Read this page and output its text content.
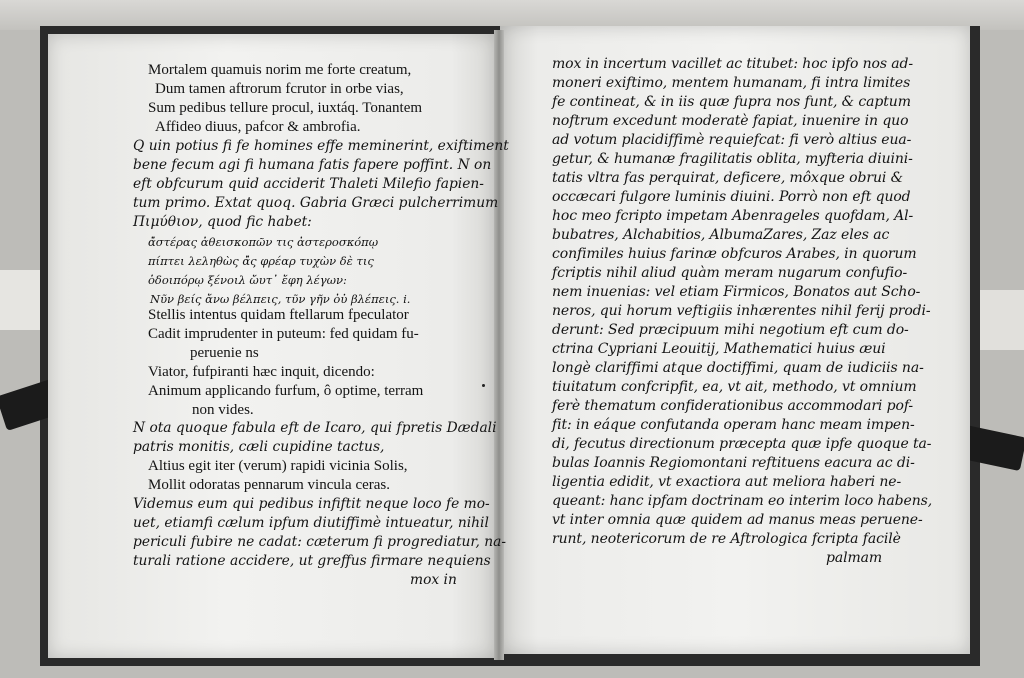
Mortalem quamuis norim me forte creatum,
Dum tamen aftrorum fcrutor in orbe vias,
Sum pedibus tellure procul, iuxtáq. Tonantem
Affideo diuus, pafcor & ambrofia.
Q uin potius fi fe homines effe meminerint, exiftiment
bene fecum agi fi humana fatis fapere poffint. N on
eft obfcurum quid acciderit Thaleti Milefio fapien-
tum primo. Extat quoq. Gabria Græci pulcherrimum
Πιμύθιον, quod fic habet:
ἀ̓στέρας ἀθεισκοπῶν τις ἀστεροσκόπῳ
πίπτει λεληθὼς ἀ̓ς φρέαρ τυχὼν δὲ τις
ὁδοιπόρῳ ξένοιλ ὤυτ᾽ ἔφη λέγων:
Νῦν βείς ἄνω βέλπεις, τῦν γῆν ὀὐ βλέπεις. i.
Stellis intentus quidam ftellarum fpeculator
Cadit imprudenter in puteum: fed quidam fu-
peruenie ns
Viator, fufpiranti hæc inquit, dicendo:
Animum applicando furfum, ô optime, terram
non vides.
N ota quoque fabula eft de Icaro, qui fpretis Dædali
patris monitis, cæli cupidine tactus,
Altius egit iter (verum) rapidi vicinia Solis,
Mollit odoratas pennarum vincula ceras.
Videmus eum qui pedibus infiftit neque loco fe mo-
uet, etiamfi cælum ipfum diutiffimè intueatur, nihil
periculi fubire ne cadat: cæterum fi progrediatur, na-
turali ratione accidere, ut greffus firmare nequiens
mox in
mox in incertum vacillet ac titubet: hoc ipfo nos ad-
moneri exiftimo, mentem humanam, fi intra limites
fe contineat, & in iis quæ fupra nos funt, & captum
noftrum excedunt moderatè fapiat, inuenire in quo
ad votum placidiffimè requiefcat: fi verò altius eua-
getur, & humanæ fragilitatis oblita, myfteria diuini-
tatis vltra fas perquirat, deficere, môxque obrui &
occæcari fulgore luminis diuini. Porrò non eft quod
hoc meo fcripto impetam Abenrageles quofdam, Al-
bubatres, Alchabitios, AlbumaZares, Zaz eles ac
confimiles huius farinæ obfcuros Arabes, in quorum
fcriptis nihil aliud quàm meram nugarum confufio-
nem inuenias: vel etiam Firmicos, Bonatos aut Scho-
neros, qui horum veftigiis inhærentes nihil ferij prodi-
derunt: Sed præcipuum mihi negotium eft cum do-
ctrina Cypriani Leouitij, Mathematici huius æui
longè clariffimi atque doctiffimi, quam de iudiciis na-
tiuitatum confcripfit, ea, vt ait, methodo, vt omnium
ferè thematum confiderationibus accommodari pof-
fit: in eáque confutanda operam hanc meam impen-
di, fecutus directionum præcepta quæ ipfe quoque ta-
bulas Ioannis Regiomontani reftituens eacura ac di-
ligentia edidit, vt exactiora aut meliora haberi ne-
queant: hanc ipfam doctrinam eo interim loco habens,
vt inter omnia quæ quidem ad manus meas peruene-
runt, neotericorum de re Aftrologica fcripta facilè
palmam
